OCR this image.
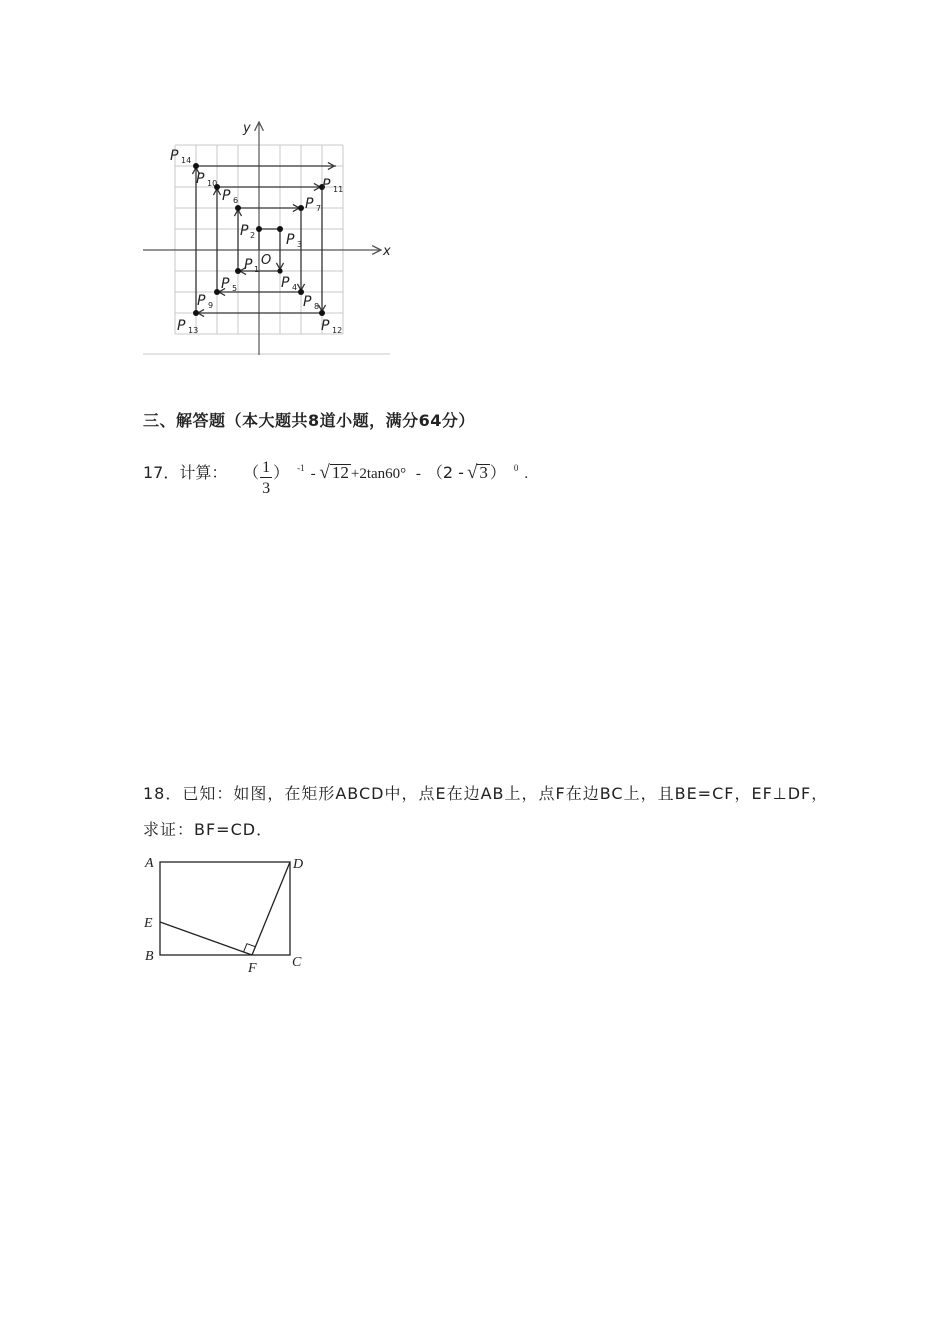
x
y
O
P 1
P 2 P 3
P 4
P 5
P 6	P 7
P 8
P 9
P 10	P 11
P 12
P 13
P 14
三、解答题（本大题共8道小题，满分64分）
17．计算： （ $\frac{1}{3}$ ） $^{-1}$ - √ 12 +2tan60° - （2 - √ 3 ） $^0$ .
18．已知：如图，在矩形ABCD中，点E在边AB上，点F在边BC上，且BE=CF，EF⊥DF，
求证：BF=CD．
A	D
E
B
F	C
